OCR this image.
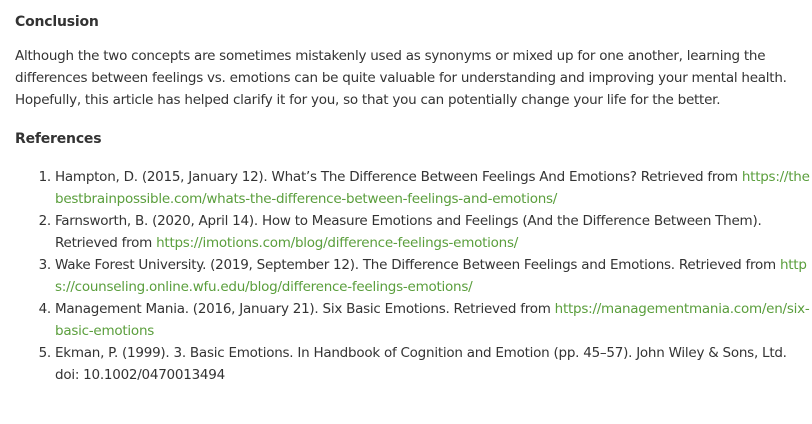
Conclusion

Although the two concepts are sometimes mistakenly used as synonyms or mixed up for one another, learning the differences between feelings vs. emotions can be quite valuable for understanding and improving your mental health. Hopefully, this article has helped clarify it for you, so that you can potentially change your life for the better.

References
1. Hampton, D. (2015, January 12). What’s The Difference Between Feelings And Emotions? Retrieved from https://thebestbrainpossible.com/whats-the-difference-between-feelings-and-emotions/
2. Farnsworth, B. (2020, April 14). How to Measure Emotions and Feelings (And the Difference Between Them). Retrieved from https://imotions.com/blog/difference-feelings-emotions/
3. Wake Forest University. (2019, September 12). The Difference Between Feelings and Emotions. Retrieved from https://counseling.online.wfu.edu/blog/difference-feelings-emotions/
4. Management Mania. (2016, January 21). Six Basic Emotions. Retrieved from https://managementmania.com/en/six-basic-emotions
5. Ekman, P. (1999). 3. Basic Emotions. In Handbook of Cognition and Emotion (pp. 45–57). John Wiley & Sons, Ltd. doi: 10.1002/0470013494
